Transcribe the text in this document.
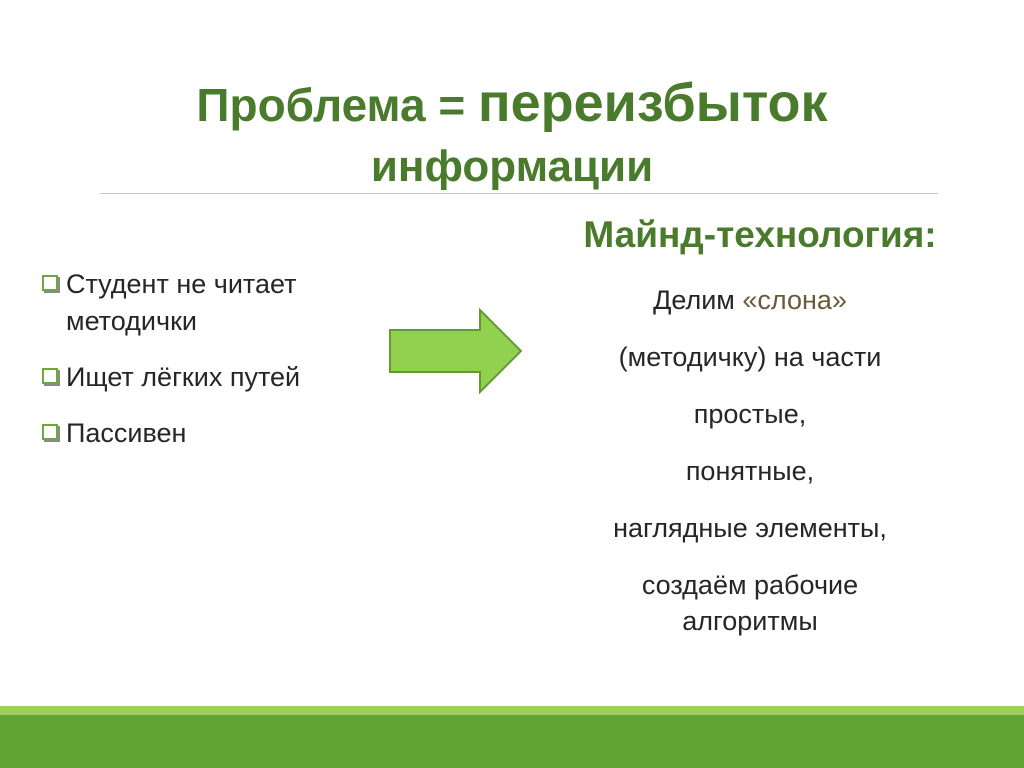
Проблема = переизбыток
информации
Студент не читает методички
Ищет лёгких путей
Пассивен
Майнд-технология:
Делим «слона»
(методичку) на части
простые,
понятные,
наглядные элементы,
создаём рабочие
алгоритмы
